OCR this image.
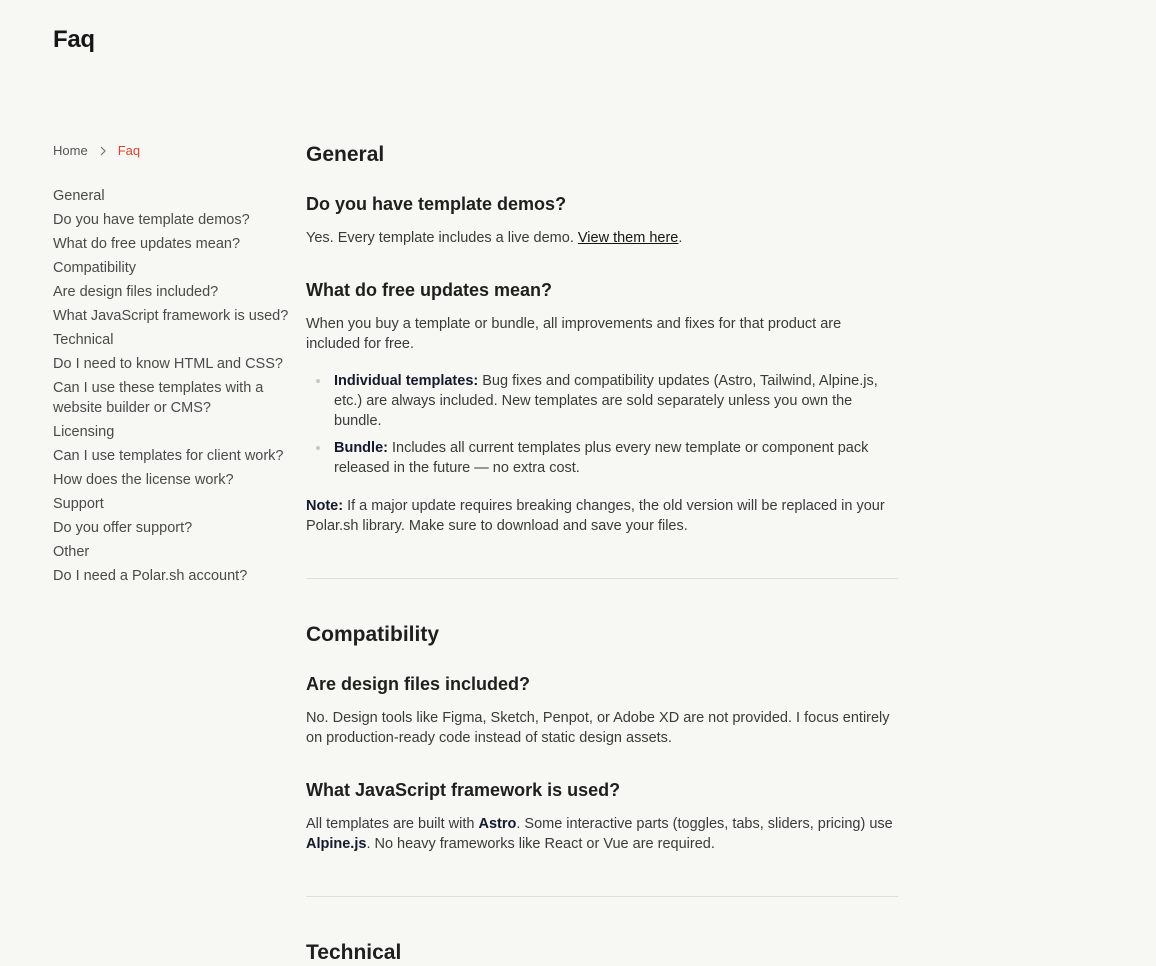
Faq
Home Faq
General
Do you have template demos?
What do free updates mean?
Compatibility
Are design files included?
What JavaScript framework is used?
Technical
Do I need to know HTML and CSS?
Can I use these templates with a website builder or CMS?
Licensing
Can I use templates for client work?
How does the license work?
Support
Do you offer support?
Other
Do I need a Polar.sh account?
General
Do you have template demos?

Yes. Every template includes a live demo. View them here.

What do free updates mean?

When you buy a template or bundle, all improvements and fixes for that product are included for free.

Individual templates: Bug fixes and compatibility updates (Astro, Tailwind, Alpine.js, etc.) are always included. New templates are sold separately unless you own the bundle.
Bundle: Includes all current templates plus every new template or component pack released in the future — no extra cost.

Note: If a major update requires breaking changes, the old version will be replaced in your Polar.sh library. Make sure to download and save your files.

Compatibility
Are design files included?

No. Design tools like Figma, Sketch, Penpot, or Adobe XD are not provided. I focus entirely on production‑ready code instead of static design assets.

What JavaScript framework is used?

All templates are built with Astro. Some interactive parts (toggles, tabs, sliders, pricing) use Alpine.js. No heavy frameworks like React or Vue are required.

Technical
